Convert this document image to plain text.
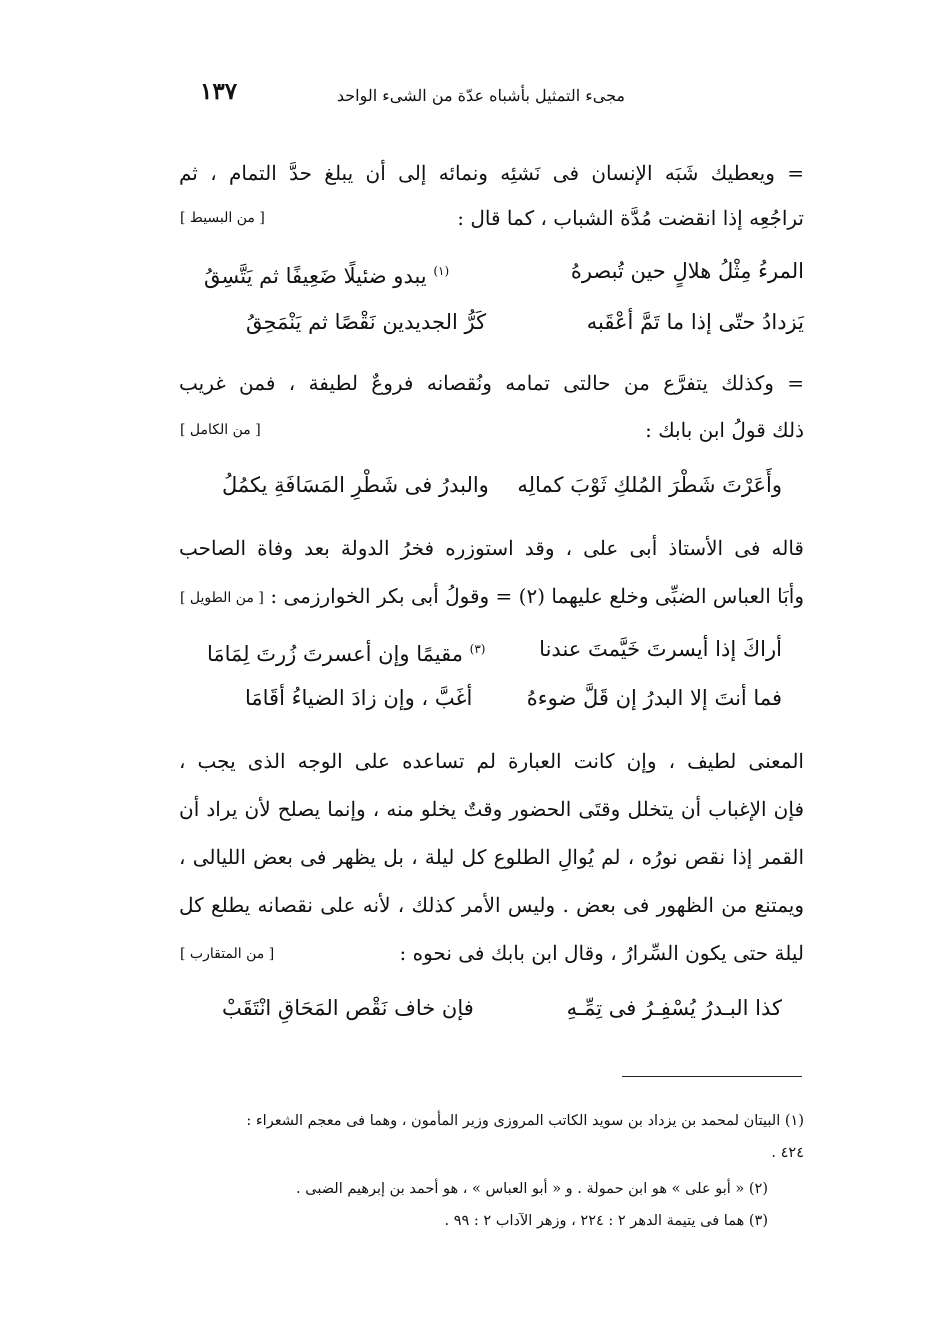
١٣٧	مجىء التمثيل بأشباه عدّة من الشىء الواحد
= ويعطيك شَبَه الإنسان فى نَشئِه ونمائه إلى أن يبلغ حدَّ التمام ، ثم
تراجُعِه إذا انقضت مُدَّة الشباب ، كما قال :
[ من البسيط ]
المرءُ مِثْلُ هلالٍ حين تُبصرهُ
$^{(١)}$ يبدو ضئيلًا ضَعِيفًا ثم يَتَّسِقُ
يَزدادُ حتّى إذا ما تَمَّ أعْقَبه
كَرُّ الجديدين نَقْصًا ثم يَنْمَحِقُ
= وكذلك يتفرَّع من حالتى تمامه ونُقصانه فروعٌ لطيفة ، فمن غريب
ذلك قولُ ابن بابك :
[ من الكامل ]
وأَعَرْتَ شَطْرَ المُلكِ ثَوْبَ كمالِه
والبدرُ فى شَطْرِ المَسَافَةِ يكمُلُ
قاله فى الأستاذ أبى على ، وقد استوزره فخرُ الدولة بعد وفاة الصاحب
وأبَا العباس الضبِّى وخلع عليهما (٢) = وقولُ أبى بكر الخوارزمى :
[ من الطويل ]
أراكَ إذا أيسرتَ خَيَّمتَ عندنا
$^{(٣)}$ مقيمًا وإن أعسرتَ زُرتَ لِمَامَا
فما أنتَ إلا البدرُ إن قَلَّ ضوءهُ
أغَبَّ ، وإن زادَ الضياءُ أقَامَا
المعنى لطيف ، وإن كانت العبارة لم تساعده على الوجه الذى يجب ،
فإن الإغباب أن يتخلل وقتَى الحضور وقتٌ يخلو منه ، وإنما يصلح لأن يراد أن
القمر إذا نقص نورُه ، لم يُوالِ الطلوع كل ليلة ، بل يظهر فى بعض الليالى ،
ويمتنع من الظهور فى بعض . وليس الأمر كذلك ، لأنه على نقصانه يطلع كل
ليلة حتى يكون السِّرارُ ، وقال ابن بابك فى نحوه :
[ من المتقارب ]
كذا البـدرُ يُسْفِـرُ فى تِمِّـهِ
فإن خاف نَقْص المَحَاقِ انْتَقَبْ
(١) البيتان لمحمد بن يزداد بن سويد الكاتب المروزى وزير المأمون ، وهما فى معجم الشعراء :
٤٢٤ .
(٢) « أبو على » هو ابن حمولة . و « أبو العباس » ، هو أحمد بن إبرهيم الضبى .
(٣) هما فى يتيمة الدهر ٢ : ٢٢٤ ، وزهر الآداب ٢ : ٩٩ .
